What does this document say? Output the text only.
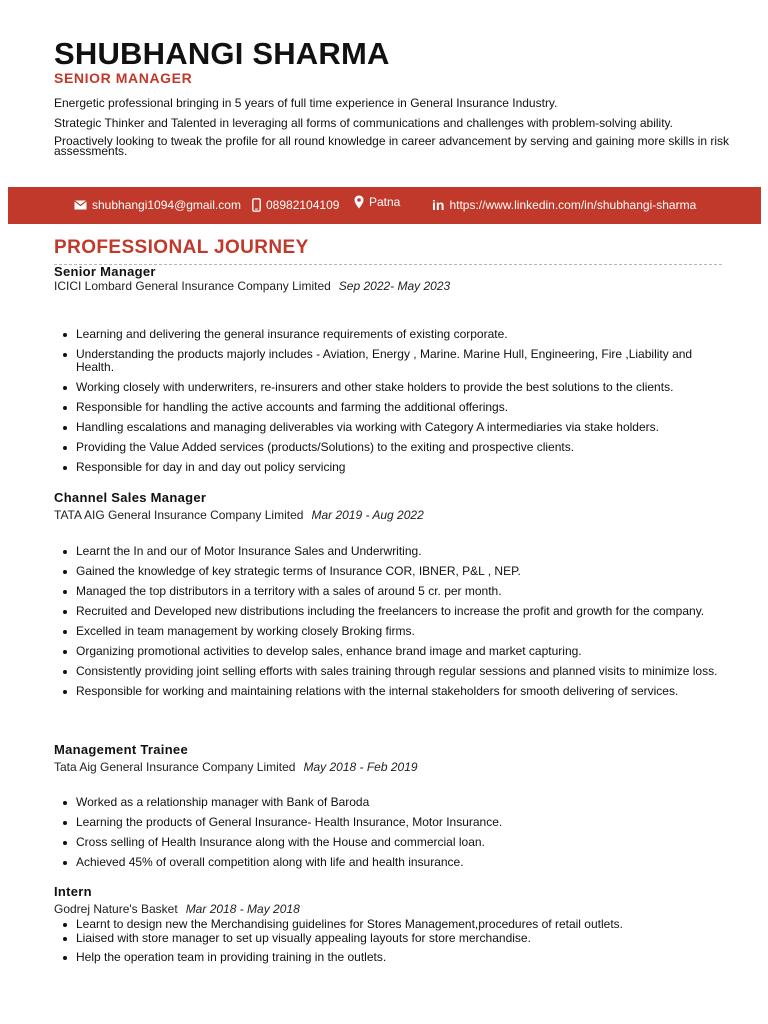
SHUBHANGI SHARMA
SENIOR MANAGER

Energetic professional bringing in 5 years of full time experience in General Insurance Industry.

Strategic Thinker and Talented in leveraging all forms of communications and challenges with problem-solving ability.

Proactively looking to tweak the profile for all round knowledge in career advancement by serving and gaining more skills in risk assessments.

shubhangi1094@gmail.com 08982104109 Patna in https://www.linkedin.com/in/shubhangi-sharma
PROFESSIONAL JOURNEY
Senior Manager
ICICI Lombard General Insurance Company Limited Sep 2022- May 2023
Learning and delivering the general insurance requirements of existing corporate.
Understanding the products majorly includes - Aviation, Energy , Marine. Marine Hull, Engineering, Fire ,Liability and Health.
Working closely with underwriters, re-insurers and other stake holders to provide the best solutions to the clients.
Responsible for handling the active accounts and farming the additional offerings.
Handling escalations and managing deliverables via working with Category A intermediaries via stake holders.
Providing the Value Added services (products/Solutions) to the exiting and prospective clients.
Responsible for day in and day out policy servicing
Channel Sales Manager
TATA AIG General Insurance Company Limited Mar 2019 - Aug 2022
Learnt the In and our of Motor Insurance Sales and Underwriting.
Gained the knowledge of key strategic terms of Insurance COR, IBNER, P&L , NEP.
Managed the top distributors in a territory with a sales of around 5 cr. per month.
Recruited and Developed new distributions including the freelancers to increase the profit and growth for the company.
Excelled in team management by working closely Broking firms.
Organizing promotional activities to develop sales, enhance brand image and market capturing.
Consistently providing joint selling efforts with sales training through regular sessions and planned visits to minimize loss.
Responsible for working and maintaining relations with the internal stakeholders for smooth delivering of services.
Management Trainee
Tata Aig General Insurance Company Limited May 2018 - Feb 2019
Worked as a relationship manager with Bank of Baroda
Learning the products of General Insurance- Health Insurance, Motor Insurance.
Cross selling of Health Insurance along with the House and commercial loan.
Achieved 45% of overall competition along with life and health insurance.
Intern
Godrej Nature's Basket Mar 2018 - May 2018
Learnt to design new the Merchandising guidelines for Stores Management,procedures of retail outlets.
Liaised with store manager to set up visually appealing layouts for store merchandise.
Help the operation team in providing training in the outlets.
